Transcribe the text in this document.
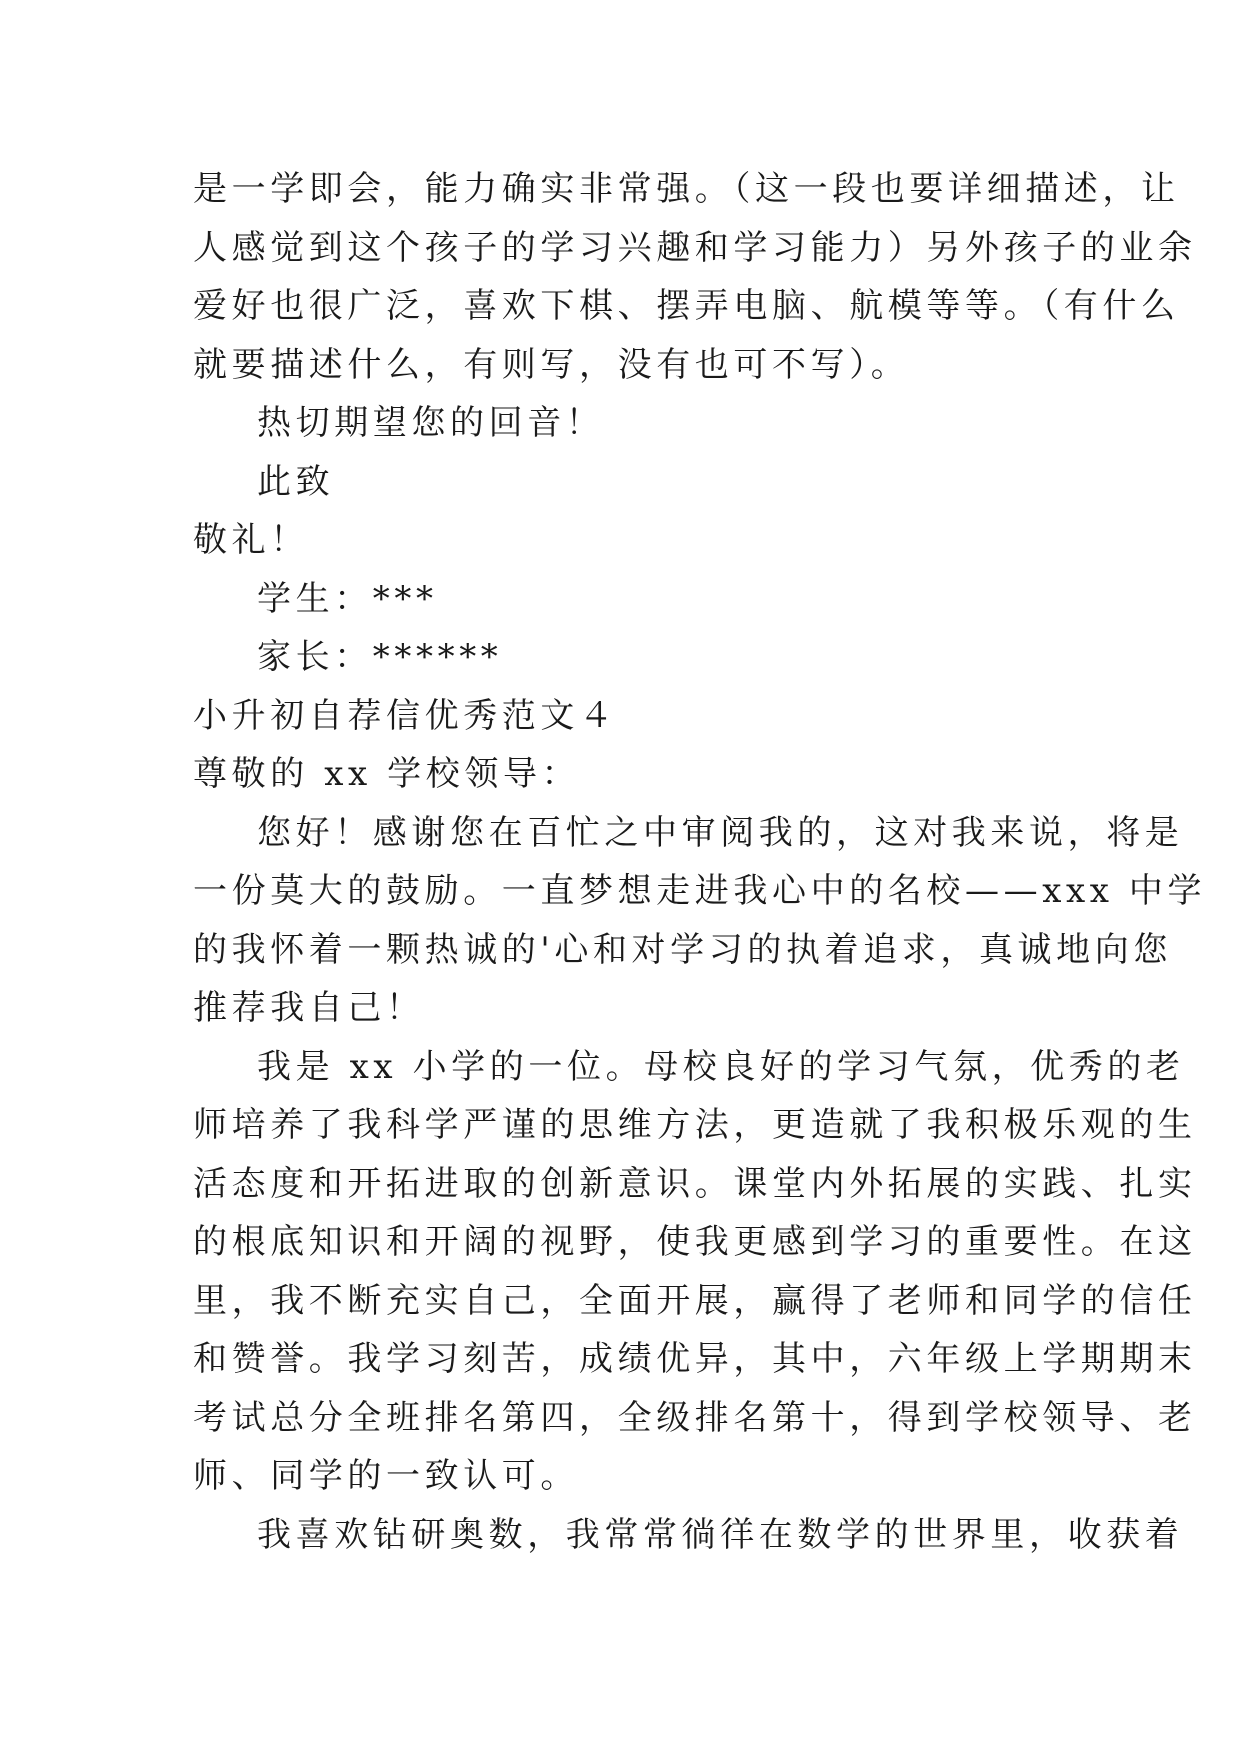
是一学即会，能力确实非常强。（这一段也要详细描述，让
人感觉到这个孩子的学习兴趣和学习能力）另外孩子的业余
爱好也很广泛，喜欢下棋、摆弄电脑、航模等等。（有什么
就要描述什么，有则写，没有也可不写）。
热切期望您的回音！
此致
敬礼！
学生：***
家长：******
小升初自荐信优秀范文４
尊敬的 xx 学校领导：
您好！感谢您在百忙之中审阅我的，这对我来说，将是
一份莫大的鼓励。一直梦想走进我心中的名校——xxx 中学
的我怀着一颗热诚的'心和对学习的执着追求，真诚地向您
推荐我自己！
我是 xx 小学的一位。母校良好的学习气氛，优秀的老
师培养了我科学严谨的思维方法，更造就了我积极乐观的生
活态度和开拓进取的创新意识。课堂内外拓展的实践、扎实
的根底知识和开阔的视野，使我更感到学习的重要性。在这
里，我不断充实自己，全面开展，赢得了老师和同学的信任
和赞誉。我学习刻苦，成绩优异，其中，六年级上学期期末
考试总分全班排名第四，全级排名第十，得到学校领导、老
师、同学的一致认可。
我喜欢钻研奥数，我常常徜徉在数学的世界里，收获着
